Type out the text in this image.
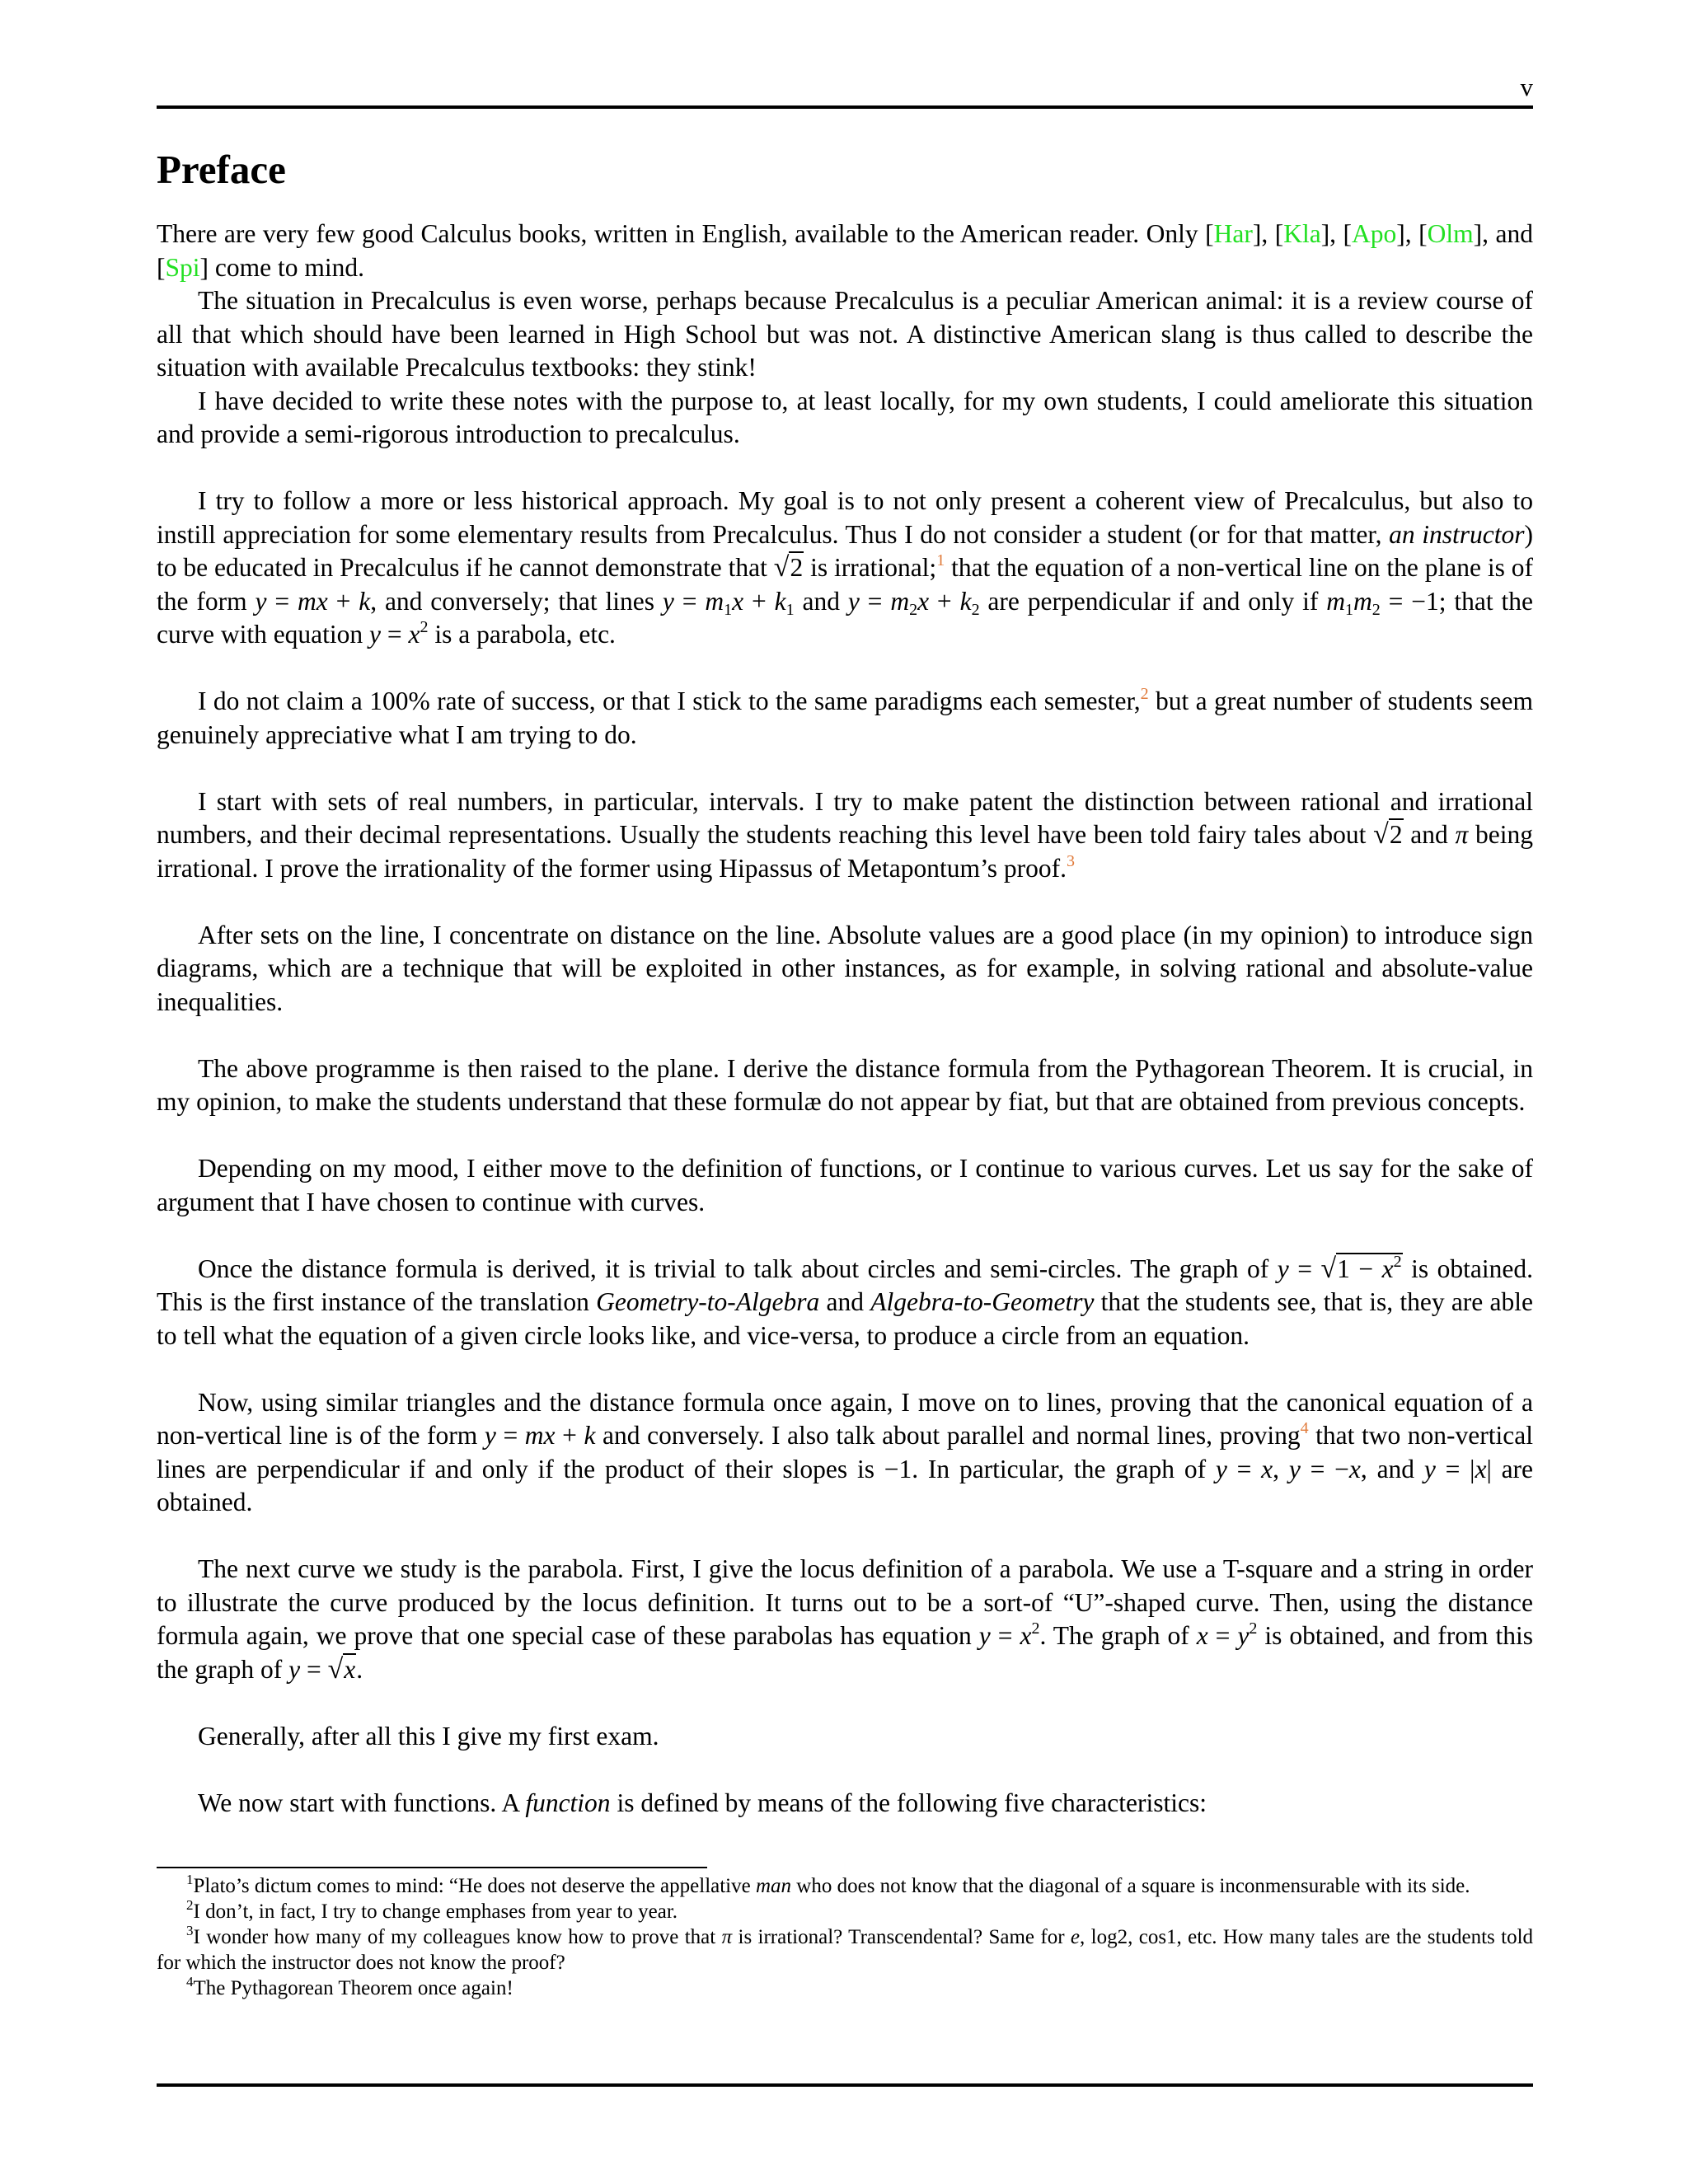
v
Preface

There are very few good Calculus books, written in English, available to the American reader. Only [Har], [Kla], [Apo], [Olm], and [Spi] come to mind.

The situation in Precalculus is even worse, perhaps because Precalculus is a peculiar American animal: it is a review course of all that which should have been learned in High School but was not. A distinctive American slang is thus called to describe the situation with available Precalculus textbooks: they stink!

I have decided to write these notes with the purpose to, at least locally, for my own students, I could ameliorate this situation and provide a semi-rigorous introduction to precalculus.

I try to follow a more or less historical approach. My goal is to not only present a coherent view of Precalculus, but also to instill appreciation for some elementary results from Precalculus. Thus I do not consider a student (or for that matter, an instructor) to be educated in Precalculus if he cannot demonstrate that √2 is irrational;$^1$ that the equation of a non-vertical line on the plane is of the form y = mx + k, and conversely; that lines $y = m_1x + k_1$ and $y = m_2x + k_2$ are perpendicular if and only if $m_1m_2 = -1$; that the curve with equation $y = x^2$ is a parabola, etc.

I do not claim a 100% rate of success, or that I stick to the same paradigms each semester,$^2$ but a great number of students seem genuinely appreciative what I am trying to do.

I start with sets of real numbers, in particular, intervals. I try to make patent the distinction between rational and irrational numbers, and their decimal representations. Usually the students reaching this level have been told fairy tales about √2 and π being irrational. I prove the irrationality of the former using Hipassus of Metapontum’s proof.$^3$

After sets on the line, I concentrate on distance on the line. Absolute values are a good place (in my opinion) to introduce sign diagrams, which are a technique that will be exploited in other instances, as for example, in solving rational and absolute-value inequalities.

The above programme is then raised to the plane. I derive the distance formula from the Pythagorean Theorem. It is crucial, in my opinion, to make the students understand that these formulæ do not appear by fiat, but that are obtained from previous concepts.

Depending on my mood, I either move to the definition of functions, or I continue to various curves. Let us say for the sake of argument that I have chosen to continue with curves.

Once the distance formula is derived, it is trivial to talk about circles and semi-circles. The graph of $y = √1 - x^2$ is obtained. This is the first instance of the translation Geometry-to-Algebra and Algebra-to-Geometry that the students see, that is, they are able to tell what the equation of a given circle looks like, and vice-versa, to produce a circle from an equation.

Now, using similar triangles and the distance formula once again, I move on to lines, proving that the canonical equation of a non-vertical line is of the form y = mx + k and conversely. I also talk about parallel and normal lines, proving$^4$ that two non-vertical lines are perpendicular if and only if the product of their slopes is −1. In particular, the graph of y = x, y = −x, and y = |x| are obtained.

The next curve we study is the parabola. First, I give the locus definition of a parabola. We use a T-square and a string in order to illustrate the curve produced by the locus definition. It turns out to be a sort-of “U”-shaped curve. Then, using the distance formula again, we prove that one special case of these parabolas has equation $y = x^2$. The graph of $x = y^2$ is obtained, and from this the graph of y = √x.

Generally, after all this I give my first exam.

We now start with functions. A function is defined by means of the following five characteristics:

$^1$Plato’s dictum comes to mind: “He does not deserve the appellative man who does not know that the diagonal of a square is inconmensurable with its side.

$^2$I don’t, in fact, I try to change emphases from year to year.

$^3$I wonder how many of my colleagues know how to prove that π is irrational? Transcendental? Same for e, log2, cos1, etc. How many tales are the students told for which the instructor does not know the proof?

$^4$The Pythagorean Theorem once again!
